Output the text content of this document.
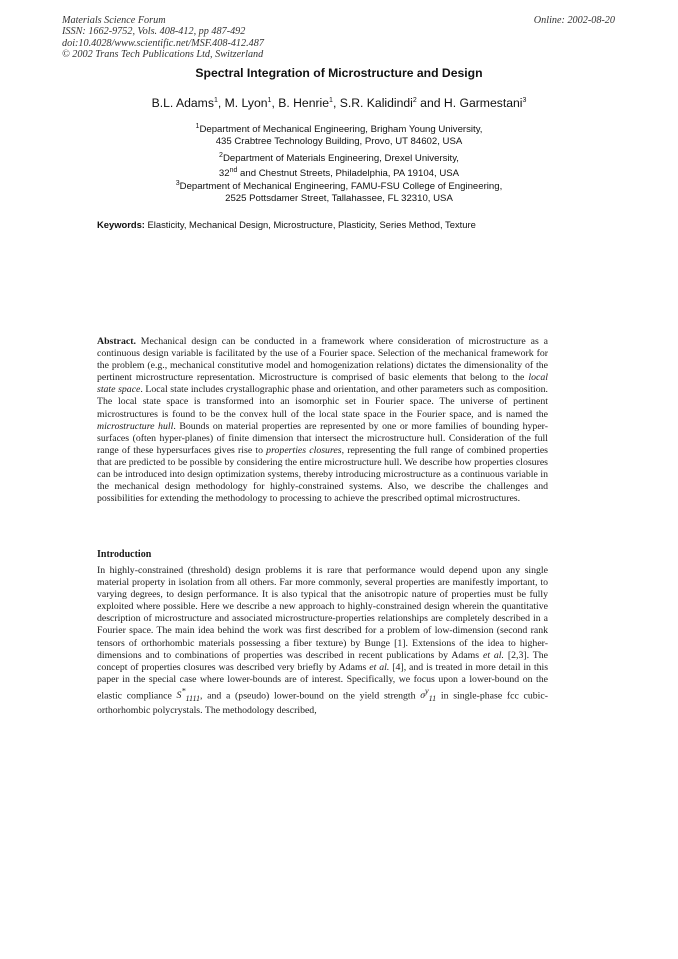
Materials Science Forum
ISSN: 1662-9752, Vols. 408-412, pp 487-492
doi:10.4028/www.scientific.net/MSF.408-412.487
© 2002 Trans Tech Publications Ltd, Switzerland
Online: 2002-08-20
Spectral Integration of Microstructure and Design
B.L. Adams$^1$, M. Lyon$^1$, B. Henrie$^1$, S.R. Kalidindi$^2$ and H. Garmestani$^3$
$^1$Department of Mechanical Engineering, Brigham Young University,
435 Crabtree Technology Building, Provo, UT 84602, USA
$^2$Department of Materials Engineering, Drexel University,
32nd and Chestnut Streets, Philadelphia, PA 19104, USA
$^3$Department of Mechanical Engineering, FAMU-FSU College of Engineering,
2525 Pottsdamer Street, Tallahassee, FL 32310, USA
Keywords: Elasticity, Mechanical Design, Microstructure, Plasticity, Series Method, Texture
Abstract. Mechanical design can be conducted in a framework where consideration of microstructure as a continuous design variable is facilitated by the use of a Fourier space. Selection of the mechanical framework for the problem (e.g., mechanical constitutive model and homogenization relations) dictates the dimensionality of the pertinent microstructure representation. Microstructure is comprised of basic elements that belong to the local state space. Local state includes crystallographic phase and orientation, and other parameters such as composition. The local state space is transformed into an isomorphic set in Fourier space. The universe of pertinent microstructures is found to be the convex hull of the local state space in the Fourier space, and is named the microstructure hull. Bounds on material properties are represented by one or more families of bounding hyper-surfaces (often hyper-planes) of finite dimension that intersect the microstructure hull. Consideration of the full range of these hypersurfaces gives rise to properties closures, representing the full range of combined properties that are predicted to be possible by considering the entire microstructure hull. We describe how properties closures can be introduced into design optimization systems, thereby introducing microstructure as a continuous variable in the mechanical design methodology for highly-constrained systems. Also, we describe the challenges and possibilities for extending the methodology to processing to achieve the prescribed optimal microstructures.
Introduction
In highly-constrained (threshold) design problems it is rare that performance would depend upon any single material property in isolation from all others. Far more commonly, several properties are manifestly important, to varying degrees, to design performance. It is also typical that the anisotropic nature of properties must be fully exploited where possible. Here we describe a new approach to highly-constrained design wherein the quantitative description of microstructure and associated microstructure-properties relationships are completely described in a Fourier space. The main idea behind the work was first described for a problem of low-dimension (second rank tensors of orthorhombic materials possessing a fiber texture) by Bunge [1]. Extensions of the idea to higher-dimensions and to combinations of properties was described in recent publications by Adams et al. [2,3]. The concept of properties closures was described very briefly by Adams et al. [4], and is treated in more detail in this paper in the special case where lower-bounds are of interest. Specifically, we focus upon a lower-bound on the elastic compliance $S^*_{1111}$, and a (pseudo) lower-bound on the yield strength $\sigma^y_{11}$ in single-phase fcc cubic-orthorhombic polycrystals. The methodology described,
